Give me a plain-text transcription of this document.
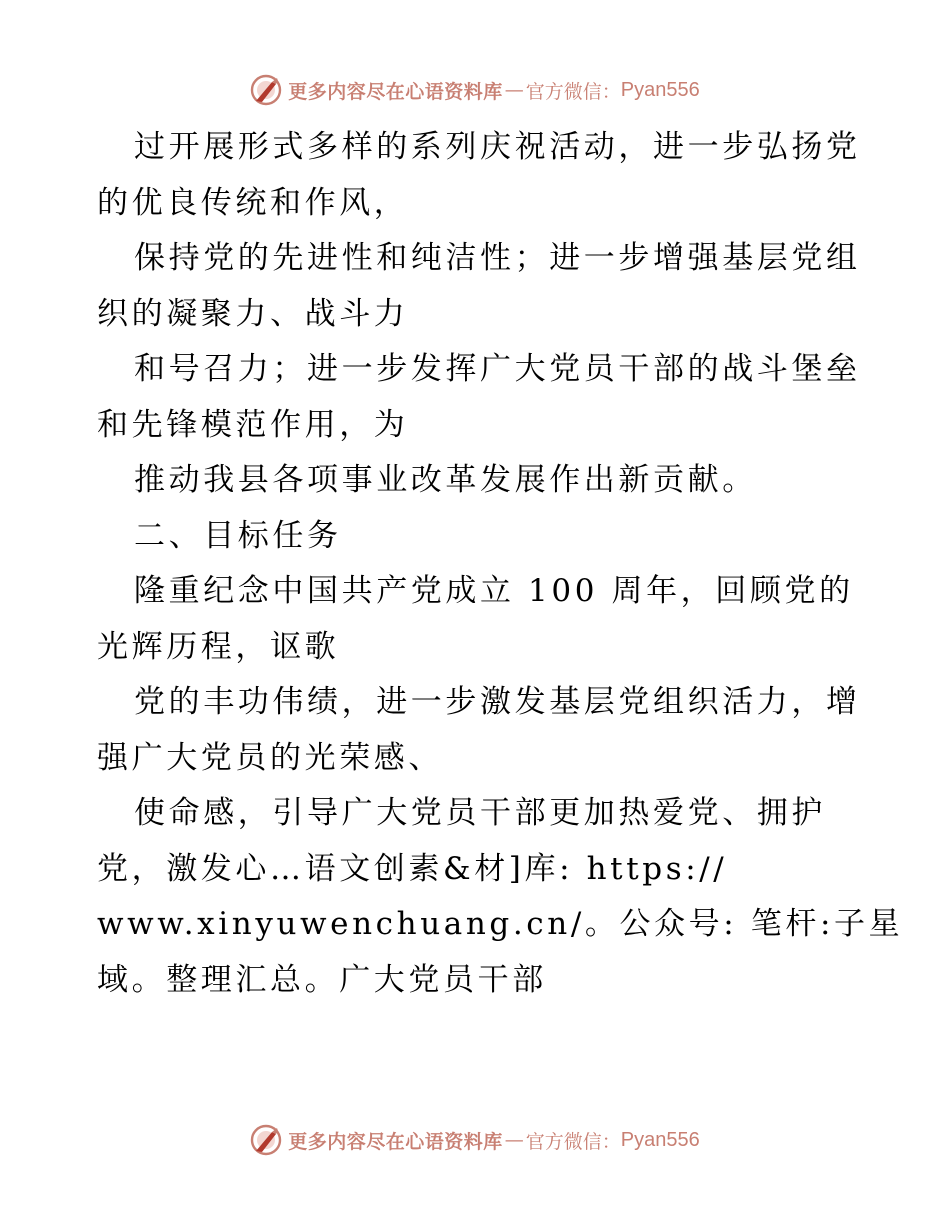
更多内容尽在心语资料库 — 官方微信： Pyan556
过开展形式多样的系列庆祝活动，进一步弘扬党
的优良传统和作风，
保持党的先进性和纯洁性；进一步增强基层党组
织的凝聚力、战斗力
和号召力；进一步发挥广大党员干部的战斗堡垒
和先锋模范作用，为
推动我县各项事业改革发展作出新贡献。
二、目标任务
隆重纪念中国共产党成立 100 周年，回顾党的
光辉历程，讴歌
党的丰功伟绩，进一步激发基层党组织活力，增
强广大党员的光荣感、
使命感，引导广大党员干部更加热爱党、拥护
党，激发心…语文创素&材]库: https://
www.xinyuwenchuang.cn/。公众号: 笔杆:子星
域。整理汇总。广大党员干部
更多内容尽在心语资料库 — 官方微信： Pyan556
